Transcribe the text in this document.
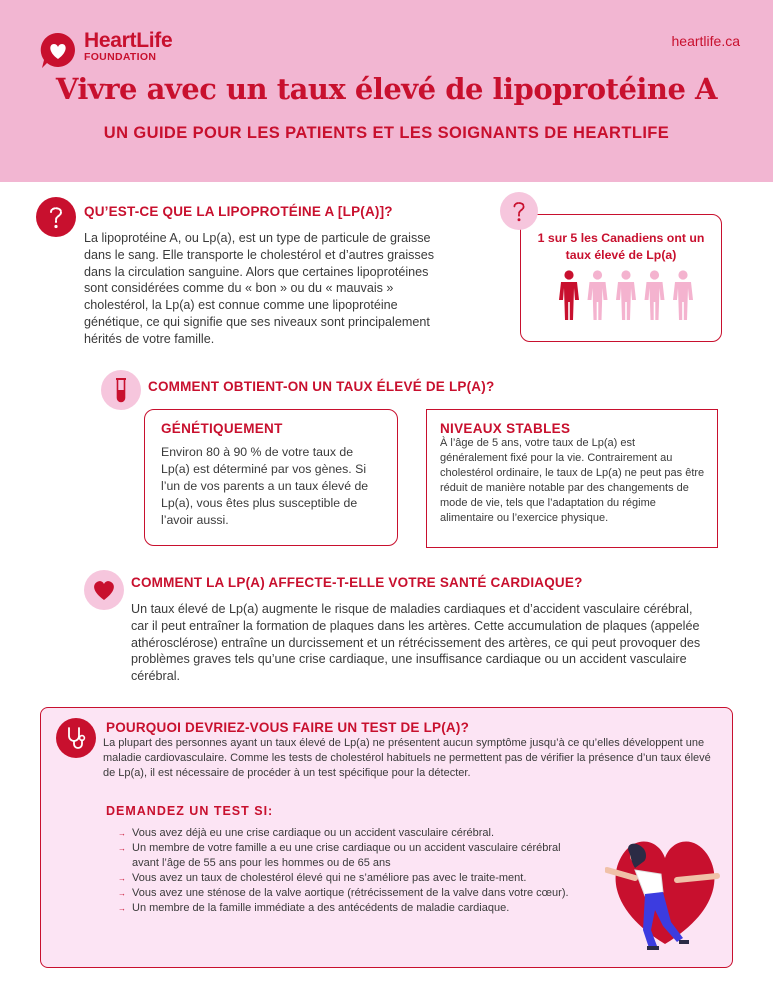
HeartLife
FOUNDATION
heartlife.ca
Vivre avec un taux élevé de lipoprotéine A
UN GUIDE POUR LES PATIENTS ET LES SOIGNANTS DE HEARTLIFE
QU’EST-CE QUE LA LIPOPROTÉINE A [LP(A)]?
La lipoprotéine A, ou Lp(a), est un type de particule de graisse dans le sang. Elle transporte le cholestérol et d’autres graisses dans la circulation sanguine. Alors que certaines lipoprotéines sont considérées comme du « bon » ou du « mauvais » cholestérol, la Lp(a) est connue comme une lipoprotéine génétique, ce qui signifie que ses niveaux sont principalement hérités de votre famille.
1 sur 5 les Canadiens ont un taux élevé de Lp(a)
COMMENT OBTIENT-ON UN TAUX ÉLEVÉ DE LP(A)?
GÉNÉTIQUEMENT
Environ 80 à 90 % de votre taux de Lp(a) est déterminé par vos gènes. Si l’un de vos parents a un taux élevé de Lp(a), vous êtes plus susceptible de l’avoir aussi.
NIVEAUX STABLES
À l’âge de 5 ans, votre taux de Lp(a) est généralement fixé pour la vie. Contrairement au cholestérol ordinaire, le taux de Lp(a) ne peut pas être réduit de manière notable par des changements de mode de vie, tels que l’adaptation du régime alimentaire ou l’exercice physique.
COMMENT LA LP(A) AFFECTE-T-ELLE VOTRE SANTÉ CARDIAQUE?
Un taux élevé de Lp(a) augmente le risque de maladies cardiaques et d’accident vasculaire cérébral, car il peut entraîner la formation de plaques dans les artères. Cette accumulation de plaques (appelée athérosclérose) entraîne un durcissement et un rétrécissement des artères, ce qui peut provoquer des problèmes graves tels qu’une crise cardiaque, une insuffisance cardiaque ou un accident vasculaire cérébral.
POURQUOI DEVRIEZ-VOUS FAIRE UN TEST DE LP(A)?
La plupart des personnes ayant un taux élevé de Lp(a) ne présentent aucun symptôme jusqu’à ce qu’elles développent une maladie cardiovasculaire. Comme les tests de cholestérol habituels ne permettent pas de vérifier la présence d’un taux élevé de Lp(a), il est nécessaire de procéder à un test spécifique pour la détecter.
DEMANDEZ UN TEST SI:
→ Vous avez déjà eu une crise cardiaque ou un accident vasculaire cérébral.
→ Un membre de votre famille a eu une crise cardiaque ou un accident vasculaire cérébral avant l’âge de 55 ans pour les hommes ou de 65 ans
→ Vous avez un taux de cholestérol élevé qui ne s’améliore pas avec le traite-ment.
→ Vous avez une sténose de la valve aortique (rétrécissement de la valve dans votre cœur).
→ Un membre de la famille immédiate a des antécédents de maladie cardiaque.
